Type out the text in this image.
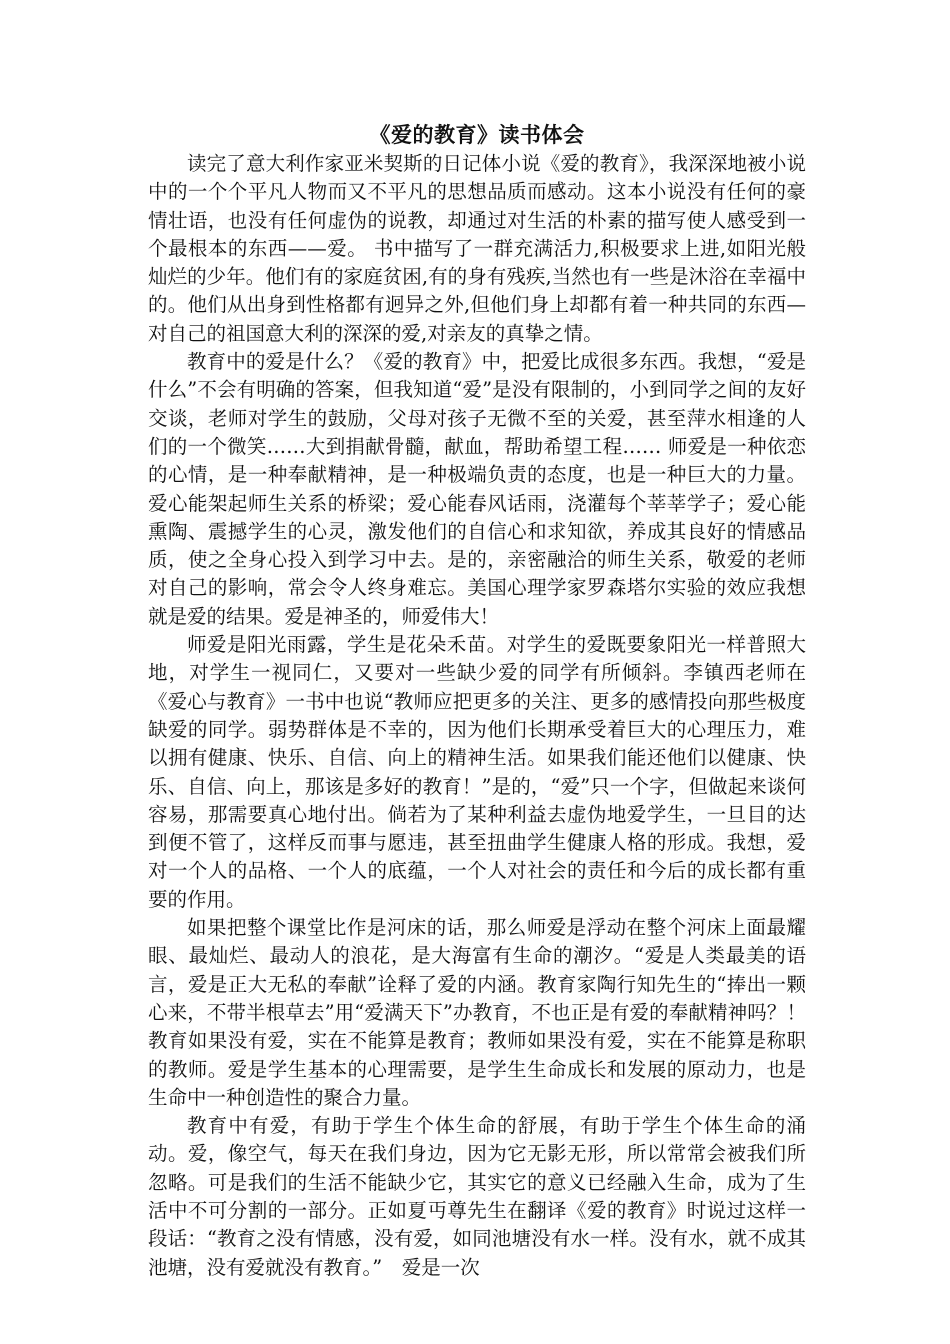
《爱的教育》读书体会

读完了意大利作家亚米契斯的日记体小说《爱的教育》，我深深地被小说中的一个个平凡人物而又不平凡的思想品质而感动。这本小说没有任何的豪情壮语，也没有任何虚伪的说教，却通过对生活的朴素的描写使人感受到一个最根本的东西——爱。 书中描写了一群充满活力,积极要求上进,如阳光般灿烂的少年。他们有的家庭贫困,有的身有残疾,当然也有一些是沐浴在幸福中的。他们从出身到性格都有迥异之外,但他们身上却都有着一种共同的东西—对自己的祖国意大利的深深的爱,对亲友的真挚之情。

教育中的爱是什么？《爱的教育》中，把爱比成很多东西。我想，“爱是什么”不会有明确的答案，但我知道“爱”是没有限制的，小到同学之间的友好交谈，老师对学生的鼓励，父母对孩子无微不至的关爱，甚至萍水相逢的人们的一个微笑……大到捐献骨髓，献血，帮助希望工程…… 师爱是一种依恋的心情，是一种奉献精神，是一种极端负责的态度，也是一种巨大的力量。爱心能架起师生关系的桥梁；爱心能春风话雨，浇灌每个莘莘学子；爱心能熏陶、震撼学生的心灵，激发他们的自信心和求知欲，养成其良好的情感品质，使之全身心投入到学习中去。是的，亲密融洽的师生关系，敬爱的老师对自己的影响，常会令人终身难忘。美国心理学家罗森塔尔实验的效应我想就是爱的结果。爱是神圣的，师爱伟大！

师爱是阳光雨露，学生是花朵禾苗。对学生的爱既要象阳光一样普照大地，对学生一视同仁，又要对一些缺少爱的同学有所倾斜。李镇西老师在《爱心与教育》一书中也说“教师应把更多的关注、更多的感情投向那些极度缺爱的同学。弱势群体是不幸的，因为他们长期承受着巨大的心理压力，难以拥有健康、快乐、自信、向上的精神生活。如果我们能还他们以健康、快乐、自信、向上，那该是多好的教育！”是的，“爱”只一个字，但做起来谈何容易，那需要真心地付出。倘若为了某种利益去虚伪地爱学生，一旦目的达到便不管了，这样反而事与愿违，甚至扭曲学生健康人格的形成。我想，爱对一个人的品格、一个人的底蕴，一个人对社会的责任和今后的成长都有重要的作用。

如果把整个课堂比作是河床的话，那么师爱是浮动在整个河床上面最耀眼、最灿烂、最动人的浪花，是大海富有生命的潮汐。“爱是人类最美的语言，爱是正大无私的奉献”诠释了爱的内涵。教育家陶行知先生的“捧出一颗心来，不带半根草去”用“爱满天下”办教育，不也正是有爱的奉献精神吗？！教育如果没有爱，实在不能算是教育；教师如果没有爱，实在不能算是称职的教师。爱是学生基本的心理需要，是学生生命成长和发展的原动力，也是生命中一种创造性的聚合力量。

教育中有爱，有助于学生个体生命的舒展，有助于学生个体生命的涌动。爱，像空气，每天在我们身边，因为它无影无形，所以常常会被我们所忽略。可是我们的生活不能缺少它，其实它的意义已经融入生命，成为了生活中不可分割的一部分。正如夏丏尊先生在翻译《爱的教育》时说过这样一段话：“教育之没有情感，没有爱，如同池塘没有水一样。没有水，就不成其池塘，没有爱就没有教育。”　爱是一次
